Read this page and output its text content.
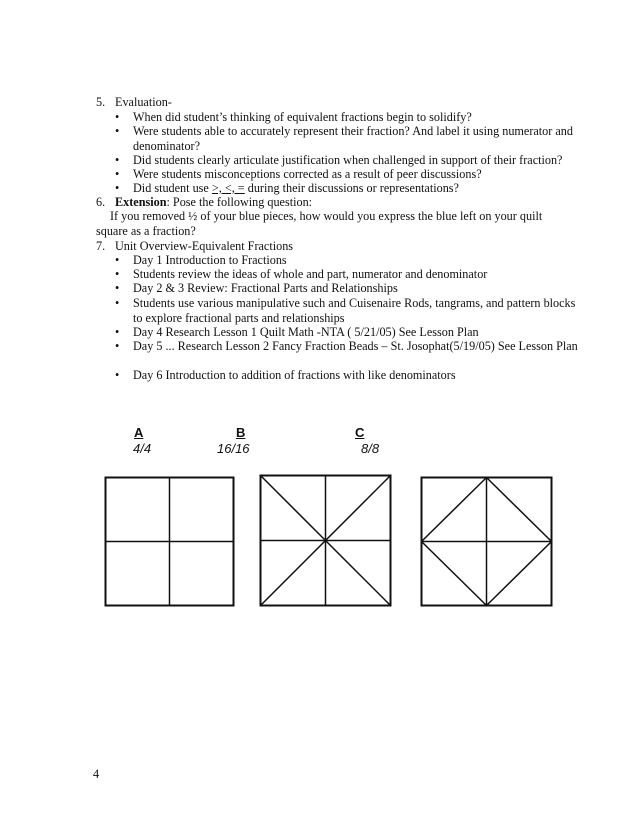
5. Evaluation-
When did student’s thinking of equivalent fractions begin to solidify?
Were students able to accurately represent their fraction? And label it using numerator and denominator?
Did students clearly articulate justification when challenged in support of their fraction?
Were students misconceptions corrected as a result of peer discussions?
Did student use >, <, = during their discussions or representations?
6. Extension: Pose the following question:
If you removed ½ of your blue pieces, how would you express the blue left on your quilt square as a fraction?
7. Unit Overview-Equivalent Fractions
Day 1 Introduction to Fractions
Students review the ideas of whole and part, numerator and denominator
Day 2 & 3 Review: Fractional Parts and Relationships
Students use various manipulative such and Cuisenaire Rods, tangrams, and pattern blocks to explore fractional parts and relationships
Day 4 Research Lesson 1 Quilt Math -NTA ( 5/21/05) See Lesson Plan
Day 5 ... Research Lesson 2 Fancy Fraction Beads – St. Josophat(5/19/05) See Lesson Plan
Day 6 Introduction to addition of fractions with like denominators
A
4/4
B
16/16
C
8/8
4
